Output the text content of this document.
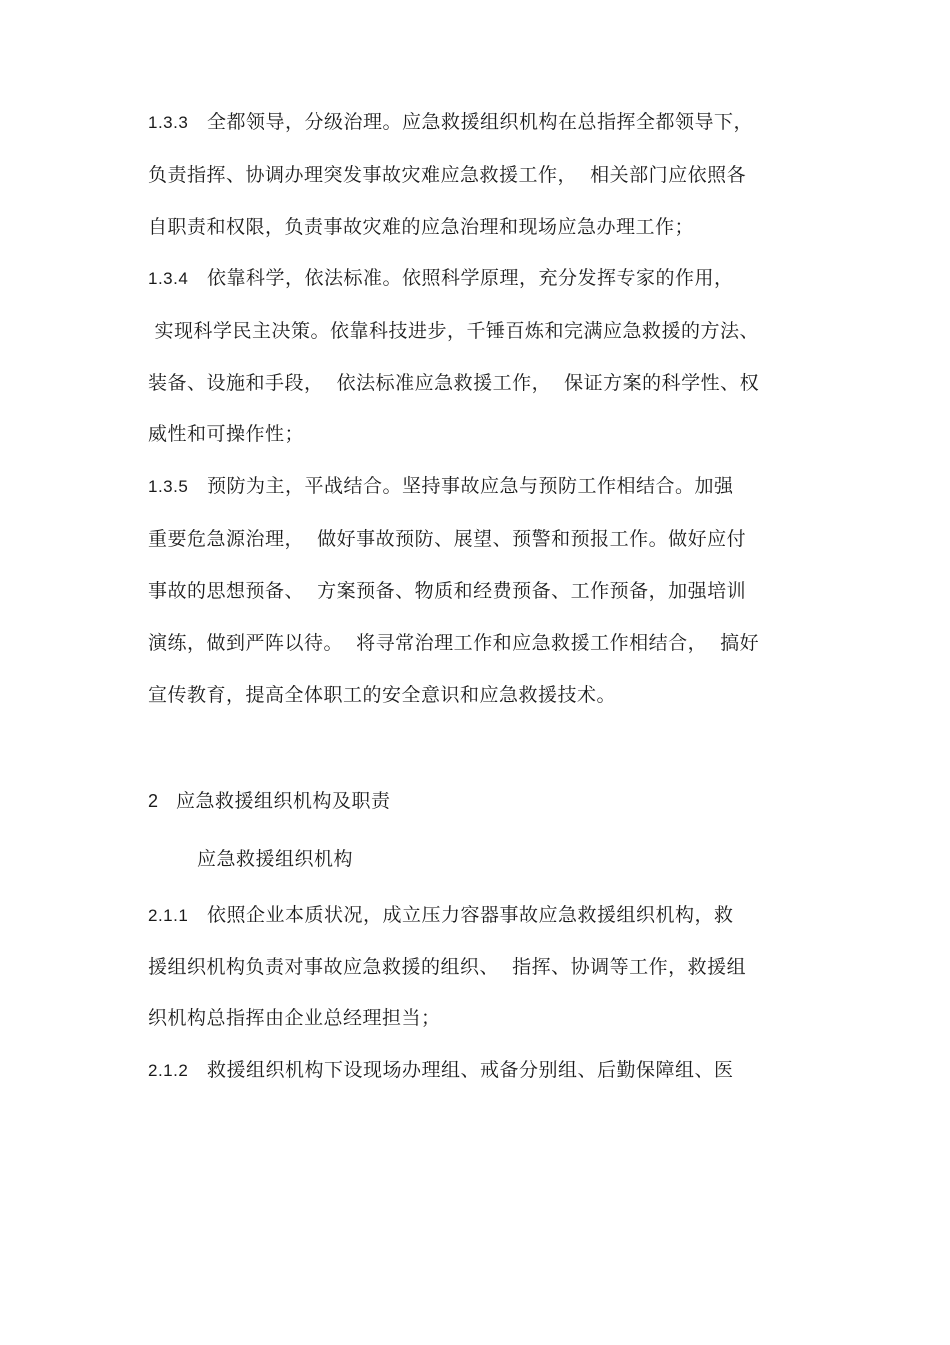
1.3.3 全都领导，分级治理。应急救援组织机构在总指挥全都领导下，
负责指挥、协调办理突发事故灾难应急救援工作，  相关部门应依照各
自职责和权限，负责事故灾难的应急治理和现场应急办理工作；
1.3.4 依靠科学，依法标准。依照科学原理，充分发挥专家的作用，
实现科学民主决策。依靠科技进步，千锤百炼和完满应急救援的方法、
装备、设施和手段，  依法标准应急救援工作，  保证方案的科学性、权
威性和可操作性；
1.3.5 预防为主，平战结合。坚持事故应急与预防工作相结合。加强
重要危急源治理，  做好事故预防、展望、预警和预报工作。做好应付
事故的思想预备、  方案预备、物质和经费预备、工作预备，加强培训
演练，做到严阵以待。  将寻常治理工作和应急救援工作相结合，  搞好
宣传教育，提高全体职工的安全意识和应急救援技术。
2 应急救援组织机构及职责
应急救援组织机构
2.1.1 依照企业本质状况，成立压力容器事故应急救援组织机构，救
援组织机构负责对事故应急救援的组织、  指挥、协调等工作，救援组
织机构总指挥由企业总经理担当；
2.1.2 救援组织机构下设现场办理组、戒备分别组、后勤保障组、医
